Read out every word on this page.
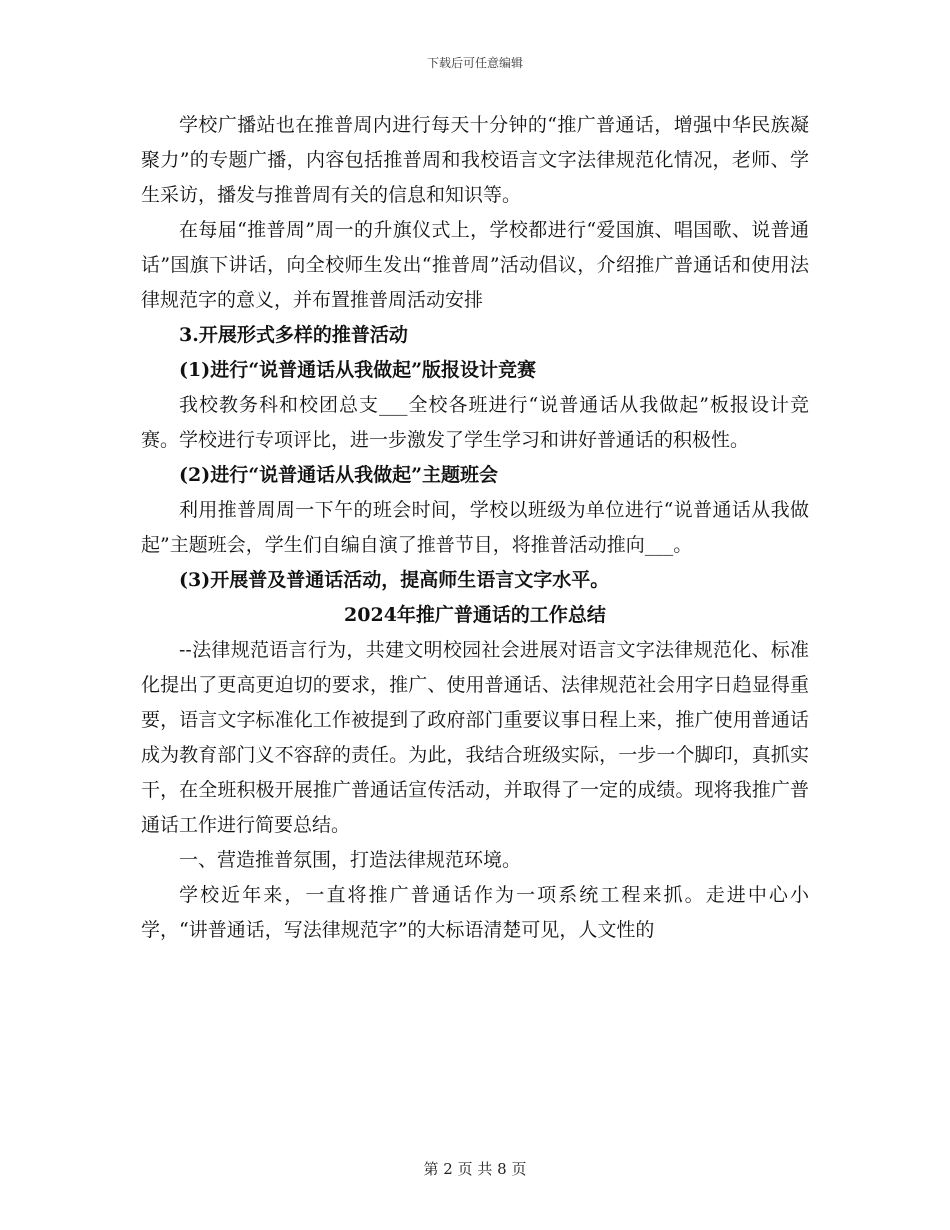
下载后可任意编辑

学校广播站也在推普周内进行每天十分钟的“推广普通话，增强中华民族凝聚力”的专题广播，内容包括推普周和我校语言文字法律规范化情况，老师、学生采访，播发与推普周有关的信息和知识等。

在每届“推普周”周一的升旗仪式上，学校都进行“爱国旗、唱国歌、说普通话”国旗下讲话，向全校师生发出“推普周”活动倡议，介绍推广普通话和使用法律规范字的意义，并布置推普周活动安排

3.开展形式多样的推普活动

(1)进行“说普通话从我做起”版报设计竞赛

我校教务科和校团总支___全校各班进行“说普通话从我做起”板报设计竞赛。学校进行专项评比，进一步激发了学生学习和讲好普通话的积极性。

(2)进行“说普通话从我做起”主题班会

利用推普周周一下午的班会时间，学校以班级为单位进行“说普通话从我做起”主题班会，学生们自编自演了推普节目，将推普活动推向___。

(3)开展普及普通话活动，提高师生语言文字水平。

2024年推广普通话的工作总结

--法律规范语言行为，共建文明校园社会进展对语言文字法律规范化、标准化提出了更高更迫切的要求，推广、使用普通话、法律规范社会用字日趋显得重要，语言文字标准化工作被提到了政府部门重要议事日程上来，推广使用普通话成为教育部门义不容辞的责任。为此，我结合班级实际，一步一个脚印，真抓实干，在全班积极开展推广普通话宣传活动，并取得了一定的成绩。现将我推广普通话工作进行简要总结。

一、营造推普氛围，打造法律规范环境。

学校近年来，一直将推广普通话作为一项系统工程来抓。走进中心小学，“讲普通话，写法律规范字”的大标语清楚可见，人文性的

第 2 页 共 8 页
